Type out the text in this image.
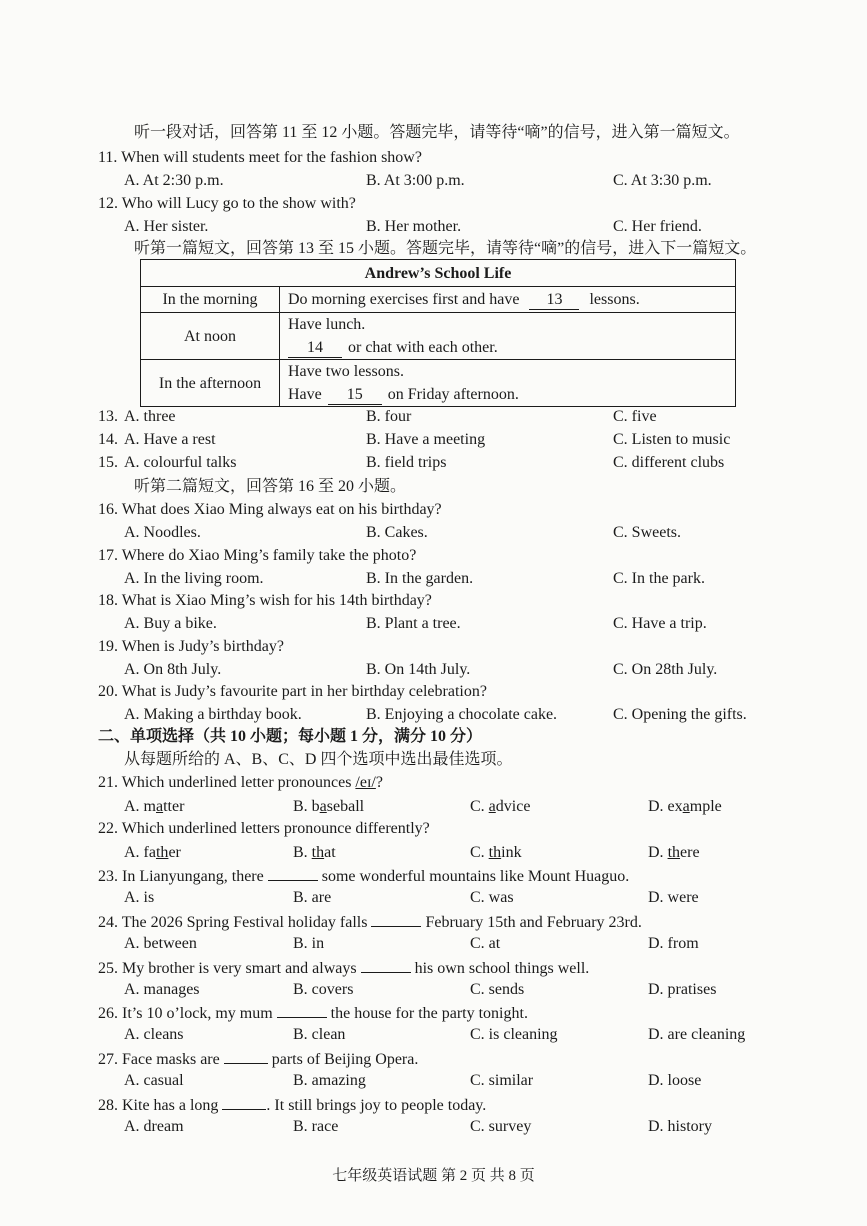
听一段对话，回答第 11 至 12 小题。答题完毕，请等待“嘀”的信号，进入第一篇短文。
11. When will students meet for the fashion show?
A. At 2:30 p.m.	B. At 3:00 p.m.	C. At 3:30 p.m.
12. Who will Lucy go to the show with?
A. Her sister.	B. Her mother.	C. Her friend.
听第一篇短文，回答第 13 至 15 小题。答题完毕，请等待“嘀”的信号，进入下一篇短文。
Andrew’s School Life	
In the morning	Do morning exercises first and have 13 lessons.
At noon	Have lunch.
14 or chat with each other.

In the afternoon	Have two lessons.
Have 15 on Friday afternoon.
13. A. three	B. four	C. five
14. A. Have a rest	B. Have a meeting	C. Listen to music
15. A. colourful talks	B. field trips	C. different clubs
听第二篇短文，回答第 16 至 20 小题。
16. What does Xiao Ming always eat on his birthday?
A. Noodles.	B. Cakes.	C. Sweets.
17. Where do Xiao Ming’s family take the photo?
A. In the living room.	B. In the garden.	C. In the park.
18. What is Xiao Ming’s wish for his 14th birthday?
A. Buy a bike.	B. Plant a tree.	C. Have a trip.
19. When is Judy’s birthday?
A. On 8th July.	B. On 14th July.	C. On 28th July.
20. What is Judy’s favourite part in her birthday celebration?
A. Making a birthday book.	B. Enjoying a chocolate cake.	C. Opening the gifts.
二、单项选择（共 10 小题；每小题 1 分，满分 10 分）
从每题所给的 A、B、C、D 四个选项中选出最佳选项。
21. Which underlined letter pronounces /eɪ/?
A. matter	B. baseball	C. advice	D. example
22. Which underlined letters pronounce differently?
A. father	B. that	C. think	D. there
23. In Lianyungang, there	some wonderful mountains like Mount Huaguo.
A. is	B. are	C. was	D. were
24. The 2026 Spring Festival holiday falls	February 15th and February 23rd.
A. between	B. in	C. at	D. from
25. My brother is very smart and always	his own school things well.
A. manages	B. covers	C. sends	D. pratises
26. It’s 10 o’lock, my mum	the house for the party tonight.
A. cleans	B. clean	C. is cleaning	D. are cleaning
27. Face masks are	parts of Beijing Opera.
A. casual	B. amazing	C. similar	D. loose
28. Kite has a long	. It still brings joy to people today.
A. dream	B. race	C. survey	D. history
七年级英语试题 第 2 页 共 8 页
